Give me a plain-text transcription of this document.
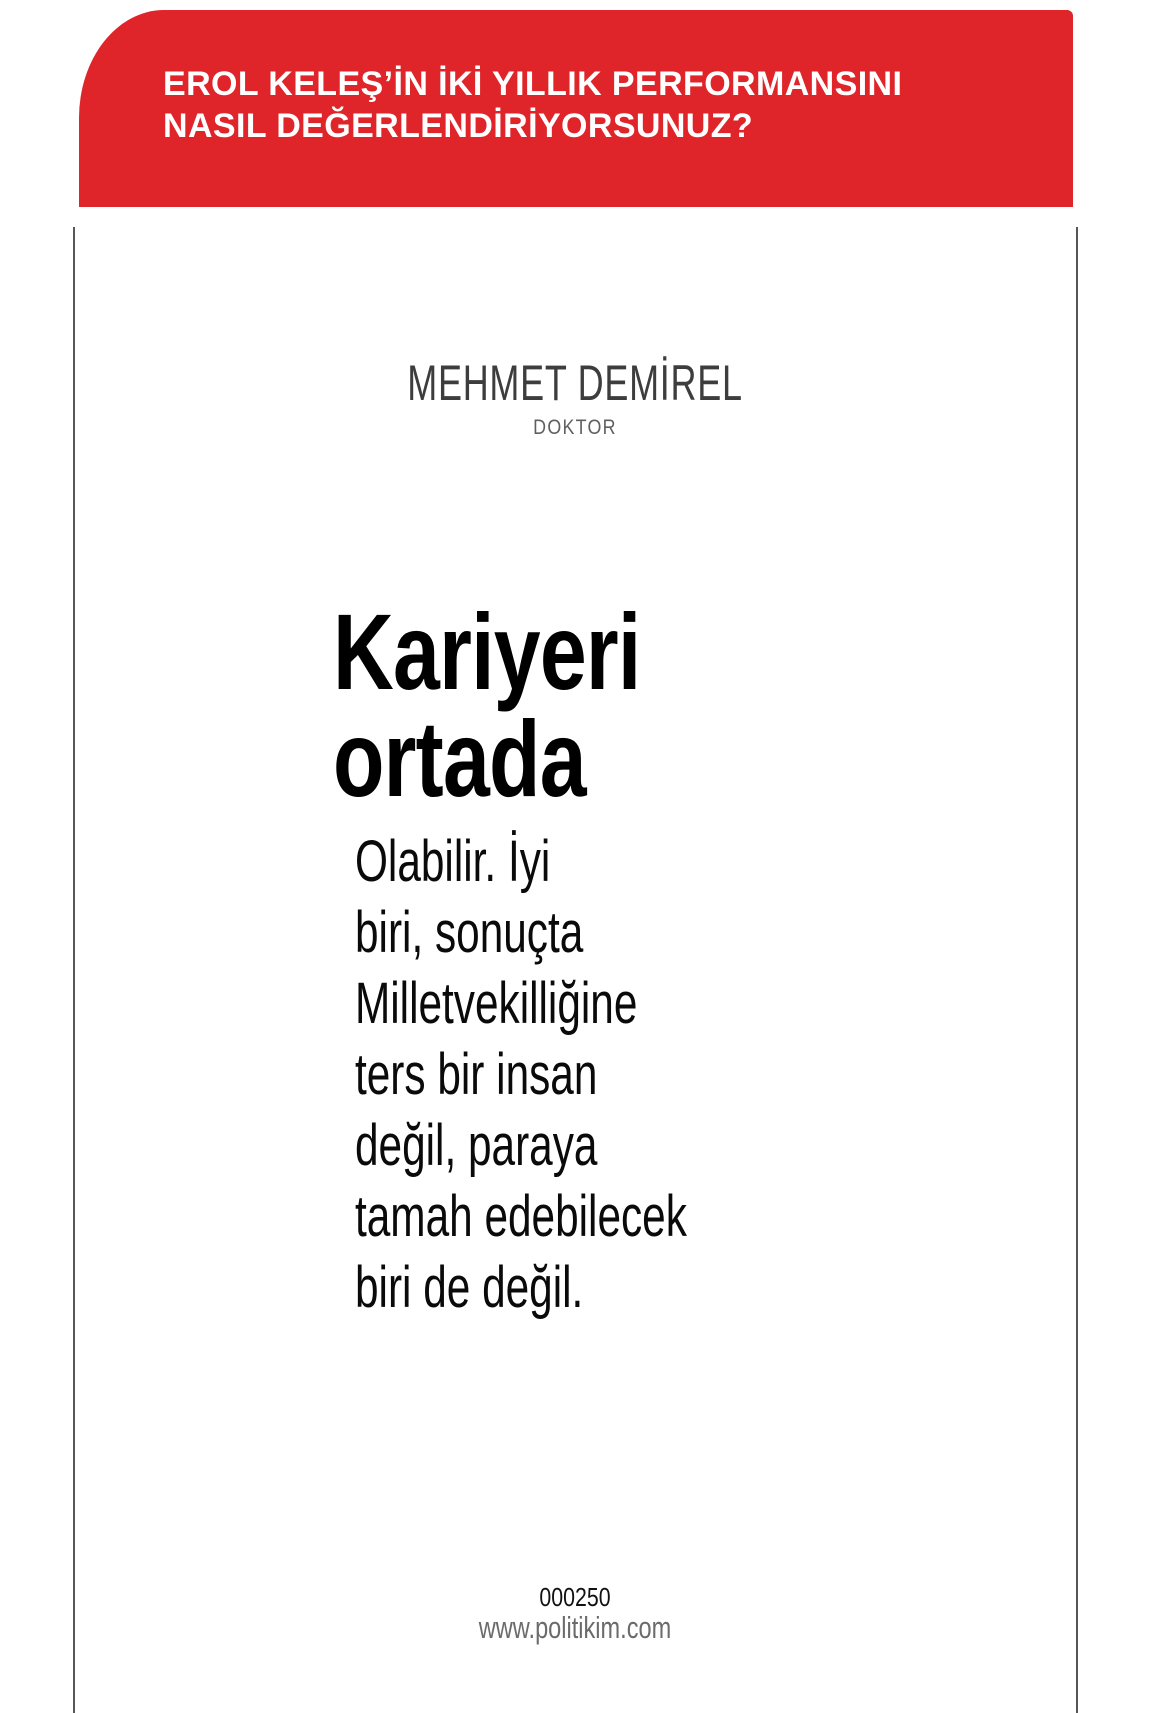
EROL KELEŞ’İN İKİ YILLIK PERFORMANSINI
NASIL DEĞERLENDİRİYORSUNUZ?
MEHMET DEMİREL
DOKTOR
Kariyeri
ortada
Olabilir. İyi
biri, sonuçta
Milletvekilliğine
ters bir insan
değil, paraya
tamah edebilecek
biri de değil.
000250
www.politikim.com
